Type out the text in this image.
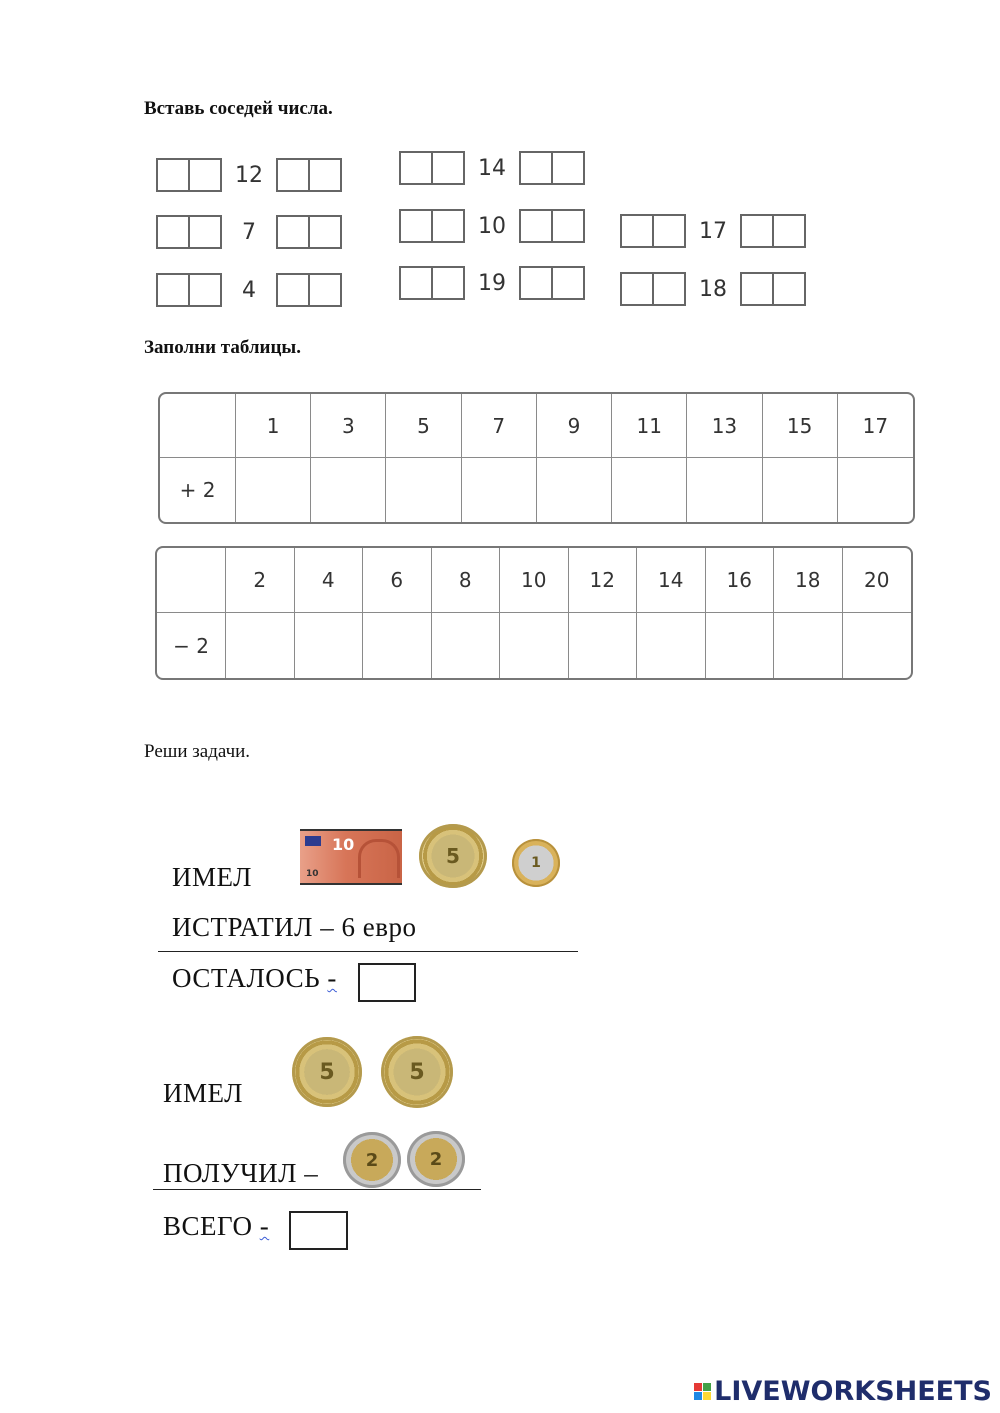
Вставь соседей числа.
12	14
7	10	17
4	19	18
Заполни таблицы.
1	3	5	7	9	11	13	15	17
+ 2
2	4	6	8	10	12	14	16	18	20
− 2
Реши задачи.
10
10
5	1
ИМЕЛ
ИСТРАТИЛ – 6 евро
ОСТАЛОСЬ -
5	5
2	2
ИМЕЛ
ПОЛУЧИЛ –
ВСЕГО -
LIVEWORKSHEETS
